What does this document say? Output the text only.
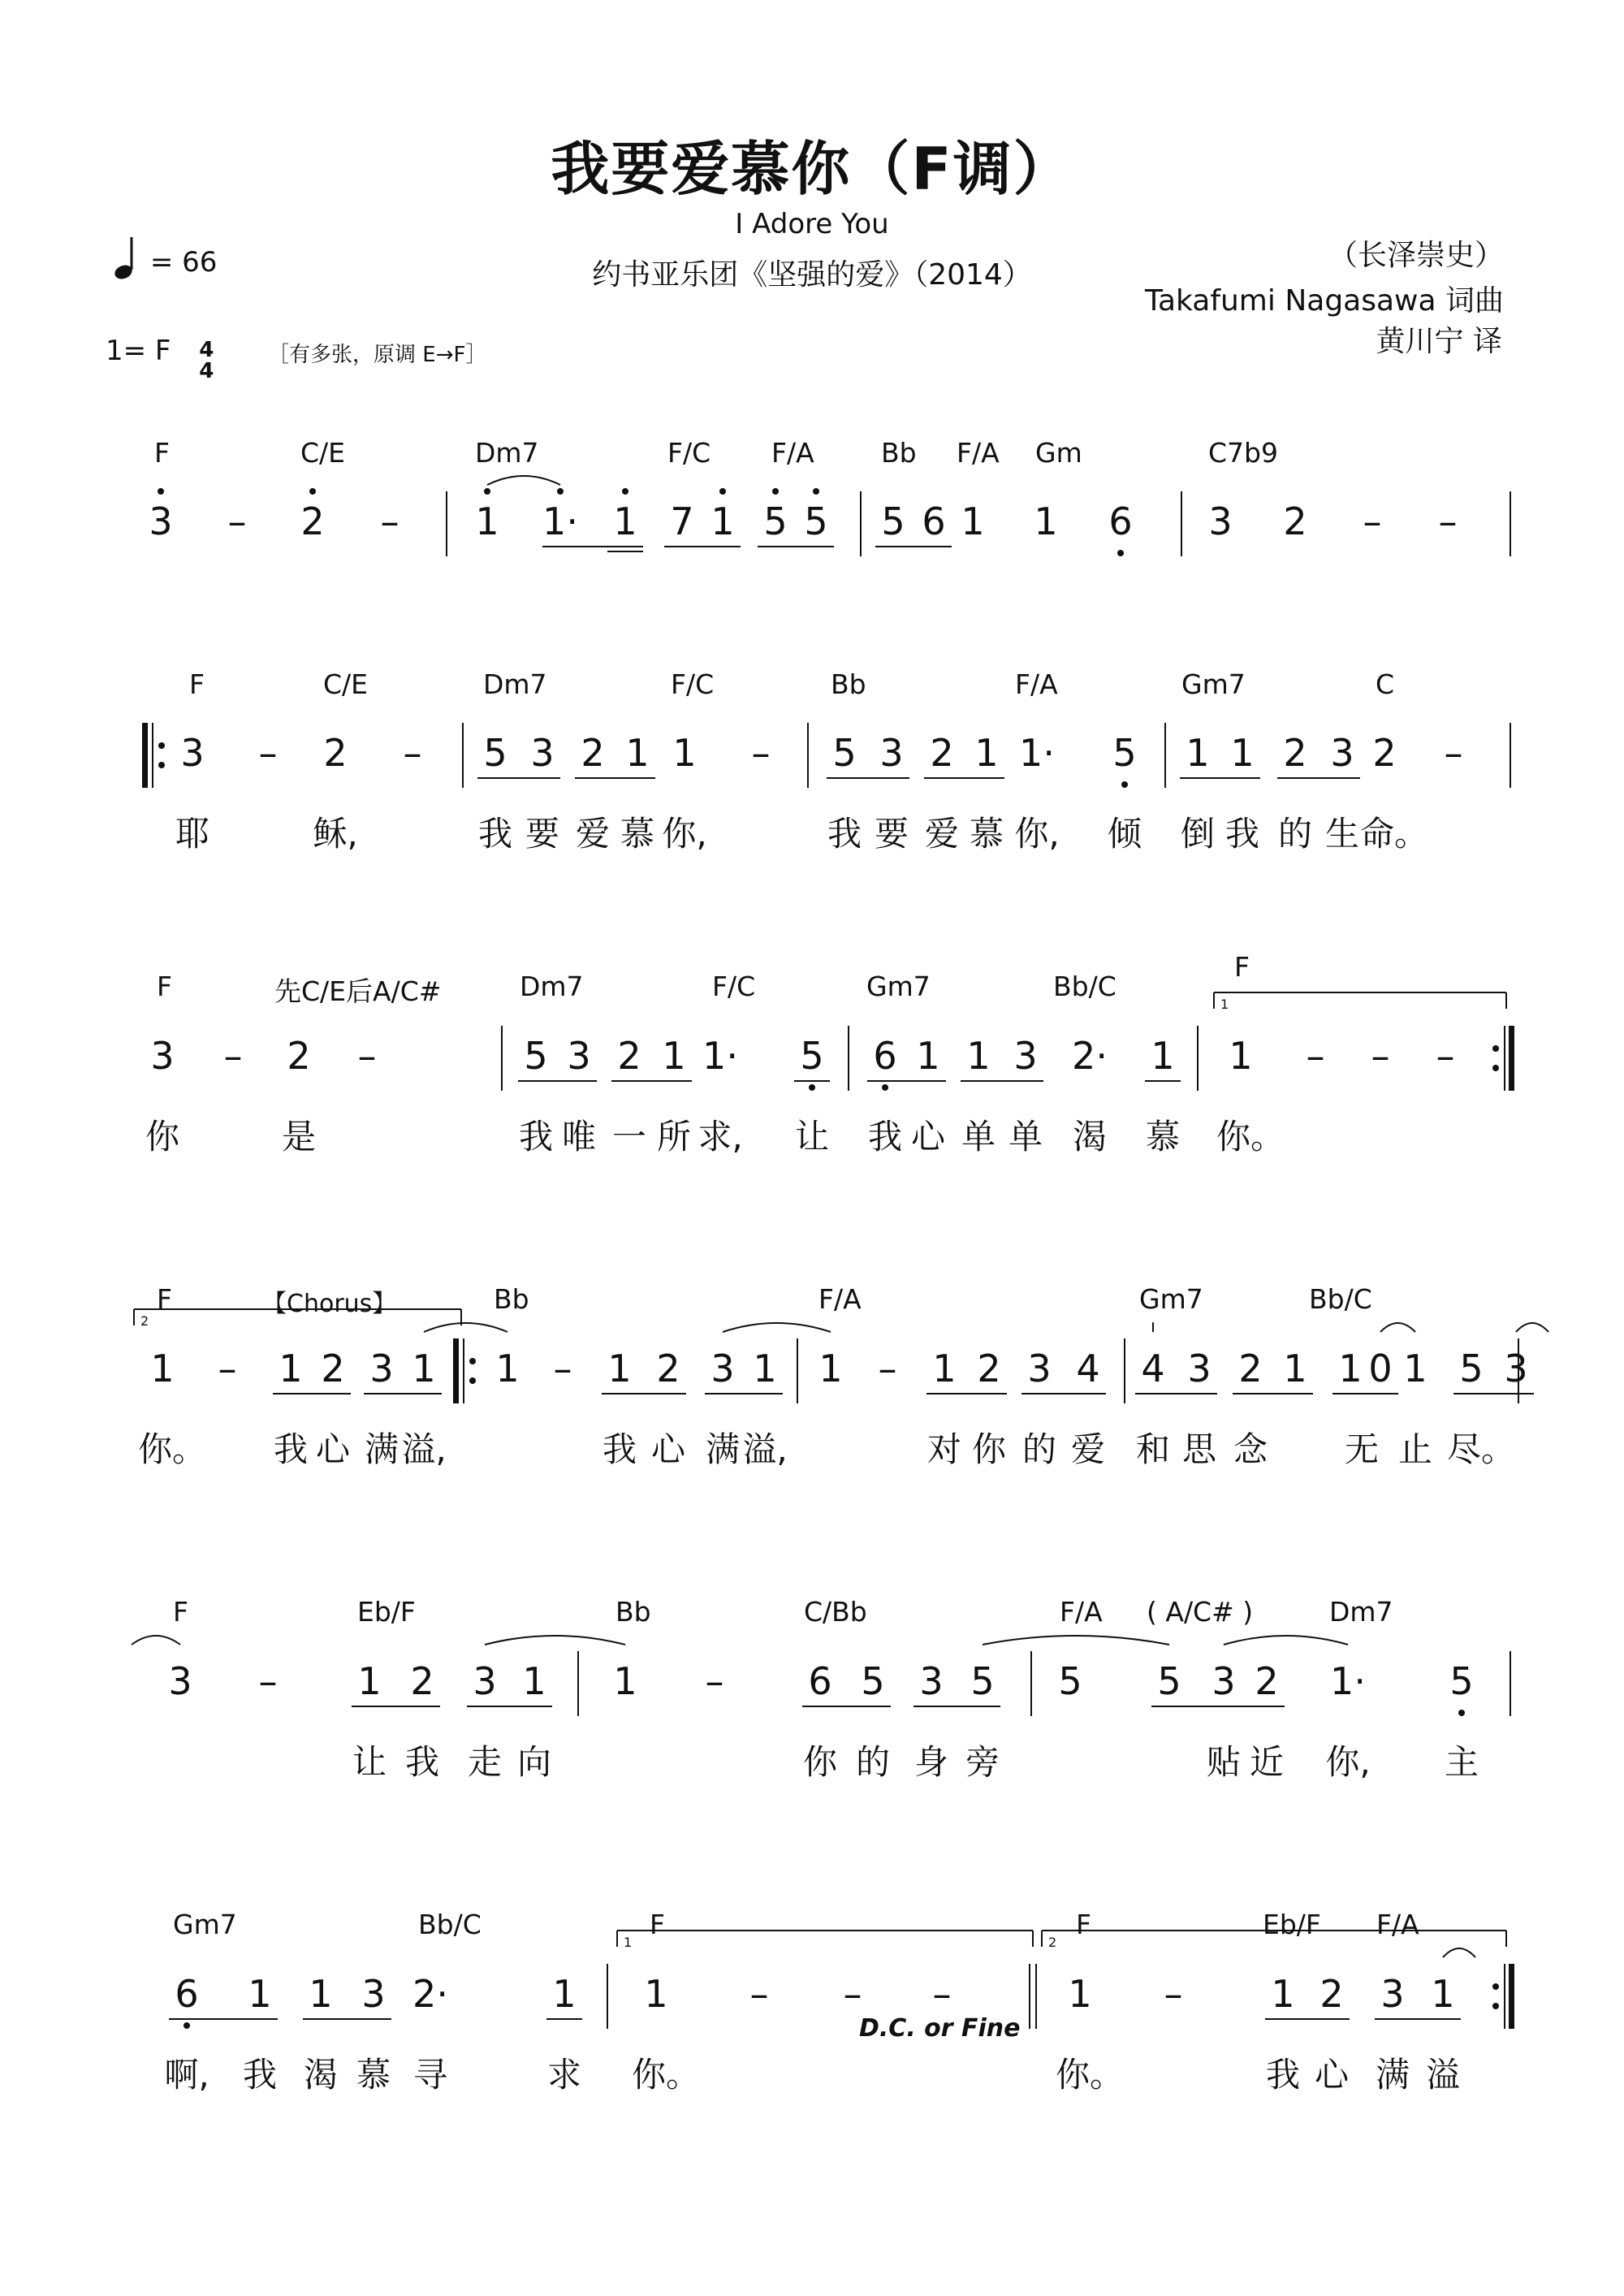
我要爱慕你（F调）
I Adore You
约书亚乐团《坚强的爱》（2014）
（长泽崇史）
Takafumi Nagasawa 词曲
黄川宁 译
= 66
1= F 4
4
［有多张，原调 E→F］
F	C/E	Dm7	F/C F/A Bb F/A Gm	C7b9
3	–	2	–	1	1· 1 7 1 5 5	5 6 1	1	6	3	2	–	–
F	C/E	Dm7	F/C	Bb	F/A	Gm7	C
3	–	2	–	5 3 2 1 1	–	5 3 2 1 1·	5	1 1 2 3 2	–
耶	稣,	我 要 爱 慕 你,	我 要 爱 慕 你, 倾 倒 我 的 生 命。
F	先C/E后A/C#	Dm7	F/C	Gm7	Bb/C
F
3	–	2	–	5 3 2 1 1·	5	6 1 1 3 2·	1	1	–	–	–
你	是	我 唯 一 所 求, 让 我 心 单 单 渴 慕 你。
F	【Chorus】	Bb	F/A	Gm7	Bb/C
1	–	1 2 3 1	1 – 1 2 3 1	1 – 1 2 3 4	4 3 2 1 1 0 1 5 3
你。 我 心 满 溢,	我 心 满 溢,	对 你 的 爱 和 思 念 无 止 尽。
F	Eb/F	Bb	C/Bb	F/A ( A/C# )	Dm7
3	–	1 2	3 1	1	–	6 5 3 5	5	5 3 2	1·	5
让 我 走 向	你 的 身 旁	贴 近 你, 主
Gm7	Bb/C	F	F	Eb/F F/A
6	1 1 3 2·	1	1	–	–	–	1	–	1 2 3 1
啊, 我 渴 慕 寻	求 你。	你。	我 心 满 溢
1
2
1	2
D.C. or Fine
